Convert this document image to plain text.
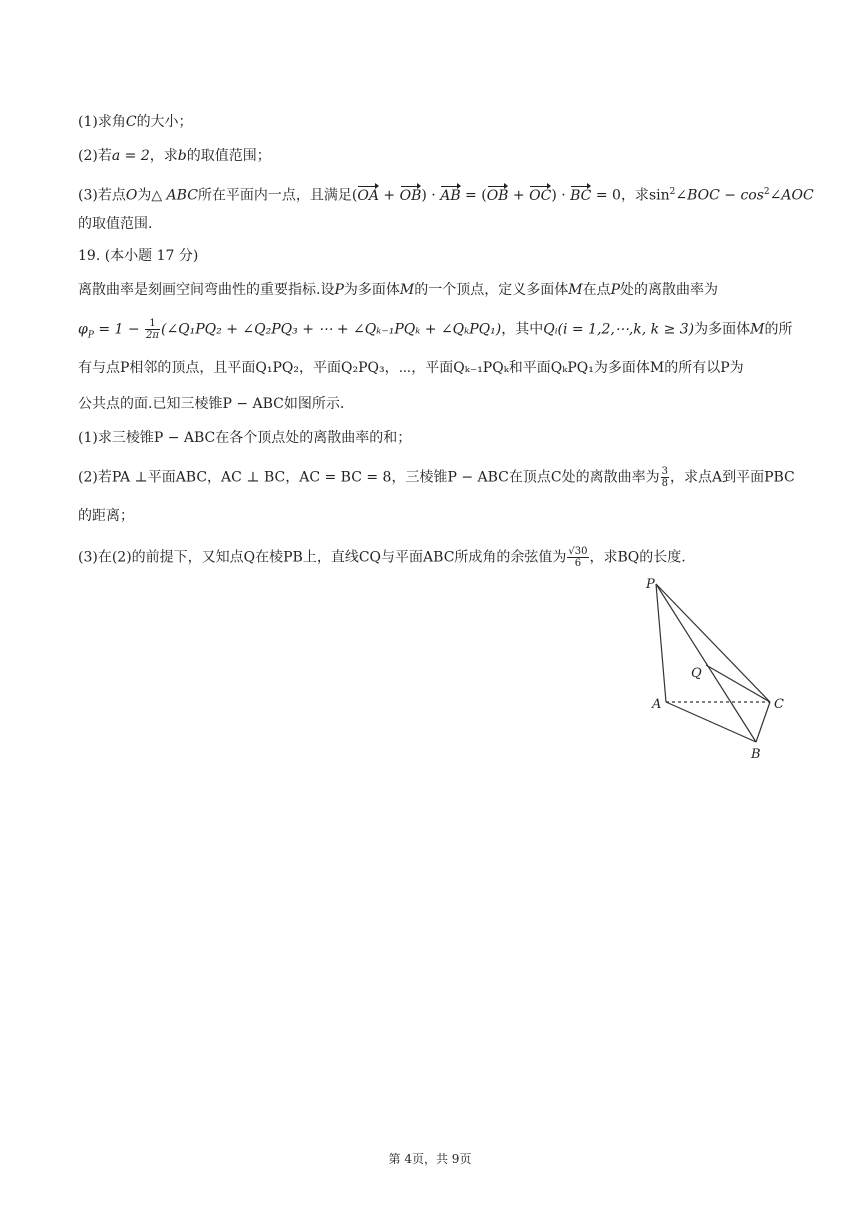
(1)求角C的大小；
(2)若a = 2，求b的取值范围；
(3)若点O为△ ABC所在平面内一点，且满足(OA + OB) · AB = (OB + OC) · BC = 0，求$\sin^2\angle BOC$ − $\cos^2\angle AOC$
的取值范围.
19. (本小题 17 分)
离散曲率是刻画空间弯曲性的重要指标.设P为多面体M的一个顶点，定义多面体M在点P处的离散曲率为
$\varphi_P = 1 - \frac{1}{2\pi}$ (∠Q₁PQ₂ + ∠Q₂PQ₃ + ⋯ + ∠Qₖ₋₁PQₖ + ∠QₖPQ₁)，其中Qᵢ(i = 1,2,⋯,k, k ≥ 3)为多面体M的所
有与点P相邻的顶点，且平面Q₁PQ₂，平面Q₂PQ₃，⋯，平面Qₖ₋₁PQₖ和平面QₖPQ₁为多面体M的所有以P为
公共点的面.已知三棱锥P − ABC如图所示.
(1)求三棱锥P − ABC在各个顶点处的离散曲率的和；
(2)若PA ⊥平面ABC，AC ⊥ BC，AC = BC = 8，三棱锥P − ABC在顶点C处的离散曲率为 $\frac{3}{8}$ ，求点A到平面PBC
的距离；
(3)在(2)的前提下，又知点Q在棱PB上，直线CQ与平面ABC所成角的余弦值为 $\frac{√30}{6}$ ，求BQ的长度.
P
Q
A	C
B
第 4页，共 9页
